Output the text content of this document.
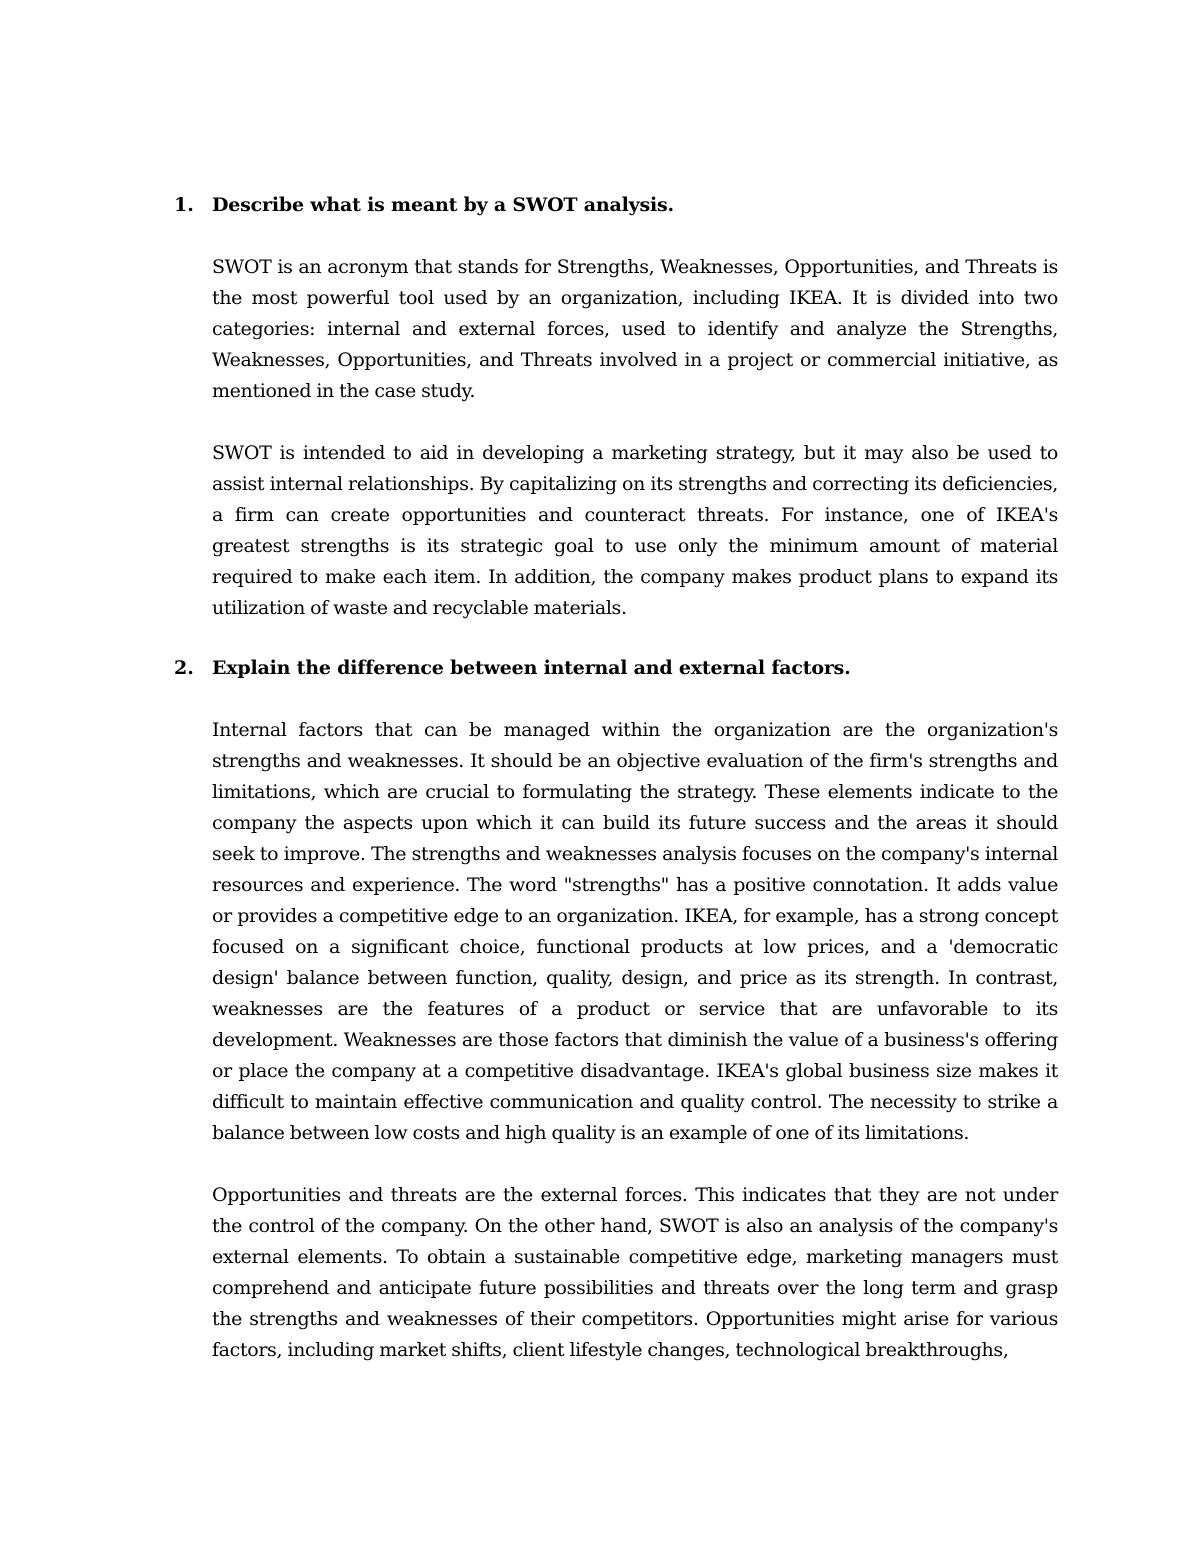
1. Describe what is meant by a SWOT analysis.

SWOT is an acronym that stands for Strengths, Weaknesses, Opportunities, and Threats is the most powerful tool used by an organization, including IKEA. It is divided into two categories: internal and external forces, used to identify and analyze the Strengths, Weaknesses, Opportunities, and Threats involved in a project or commercial initiative, as mentioned in the case study.

SWOT is intended to aid in developing a marketing strategy, but it may also be used to assist internal relationships. By capitalizing on its strengths and correcting its deficiencies, a firm can create opportunities and counteract threats. For instance, one of IKEA's greatest strengths is its strategic goal to use only the minimum amount of material required to make each item. In addition, the company makes product plans to expand its utilization of waste and recyclable materials.

2. Explain the difference between internal and external factors.

Internal factors that can be managed within the organization are the organization's strengths and weaknesses. It should be an objective evaluation of the firm's strengths and limitations, which are crucial to formulating the strategy. These elements indicate to the company the aspects upon which it can build its future success and the areas it should seek to improve. The strengths and weaknesses analysis focuses on the company's internal resources and experience. The word "strengths" has a positive connotation. It adds value or provides a competitive edge to an organization. IKEA, for example, has a strong concept focused on a significant choice, functional products at low prices, and a 'democratic design' balance between function, quality, design, and price as its strength. In contrast, weaknesses are the features of a product or service that are unfavorable to its development. Weaknesses are those factors that diminish the value of a business's offering or place the company at a competitive disadvantage. IKEA's global business size makes it difficult to maintain effective communication and quality control. The necessity to strike a balance between low costs and high quality is an example of one of its limitations.

Opportunities and threats are the external forces. This indicates that they are not under the control of the company. On the other hand, SWOT is also an analysis of the company's external elements. To obtain a sustainable competitive edge, marketing managers must comprehend and anticipate future possibilities and threats over the long term and grasp the strengths and weaknesses of their competitors. Opportunities might arise for various factors, including market shifts, client lifestyle changes, technological breakthroughs,
